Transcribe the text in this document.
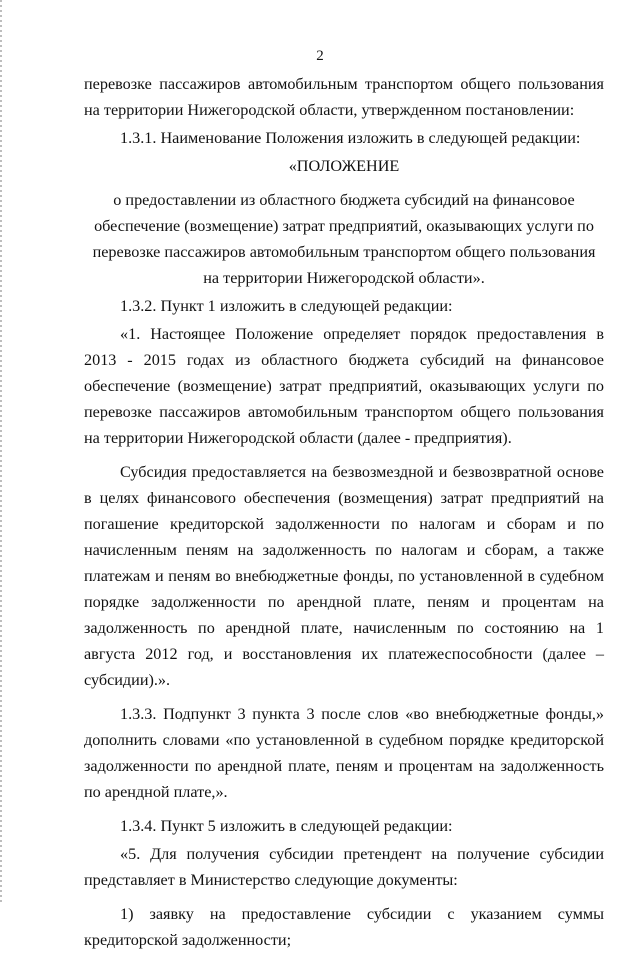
2

перевозке пассажиров автомобильным транспортом общего пользования на территории Нижегородской области, утвержденном постановлении:

1.3.1. Наименование Положения изложить в следующей редакции:

«ПОЛОЖЕНИЕ

о предоставлении из областного бюджета субсидий на финансовое обеспечение (возмещение) затрат предприятий, оказывающих услуги по перевозке пассажиров автомобильным транспортом общего пользования на территории Нижегородской области».

1.3.2. Пункт 1 изложить в следующей редакции:

«1. Настоящее Положение определяет порядок предоставления в 2013 - 2015 годах из областного бюджета субсидий на финансовое обеспечение (возмещение) затрат предприятий, оказывающих услуги по перевозке пассажиров автомобильным транспортом общего пользования на территории Нижегородской области (далее - предприятия).

Субсидия предоставляется на безвозмездной и безвозвратной основе в целях финансового обеспечения (возмещения) затрат предприятий на погашение кредиторской задолженности по налогам и сборам и по начисленным пеням на задолженность по налогам и сборам, а также платежам и пеням во внебюджетные фонды, по установленной в судебном порядке задолженности по арендной плате, пеням и процентам на задолженность по арендной плате, начисленным по состоянию на 1 августа 2012 год, и восстановления их платежеспособности (далее – субсидии).».

1.3.3. Подпункт 3 пункта 3 после слов «во внебюджетные фонды,» дополнить словами «по установленной в судебном порядке кредиторской задолженности по арендной плате, пеням и процентам на задолженность по арендной плате,».

1.3.4. Пункт 5 изложить в следующей редакции:

«5. Для получения субсидии претендент на получение субсидии представляет в Министерство следующие документы:

1) заявку на предоставление субсидии с указанием суммы кредиторской задолженности;
